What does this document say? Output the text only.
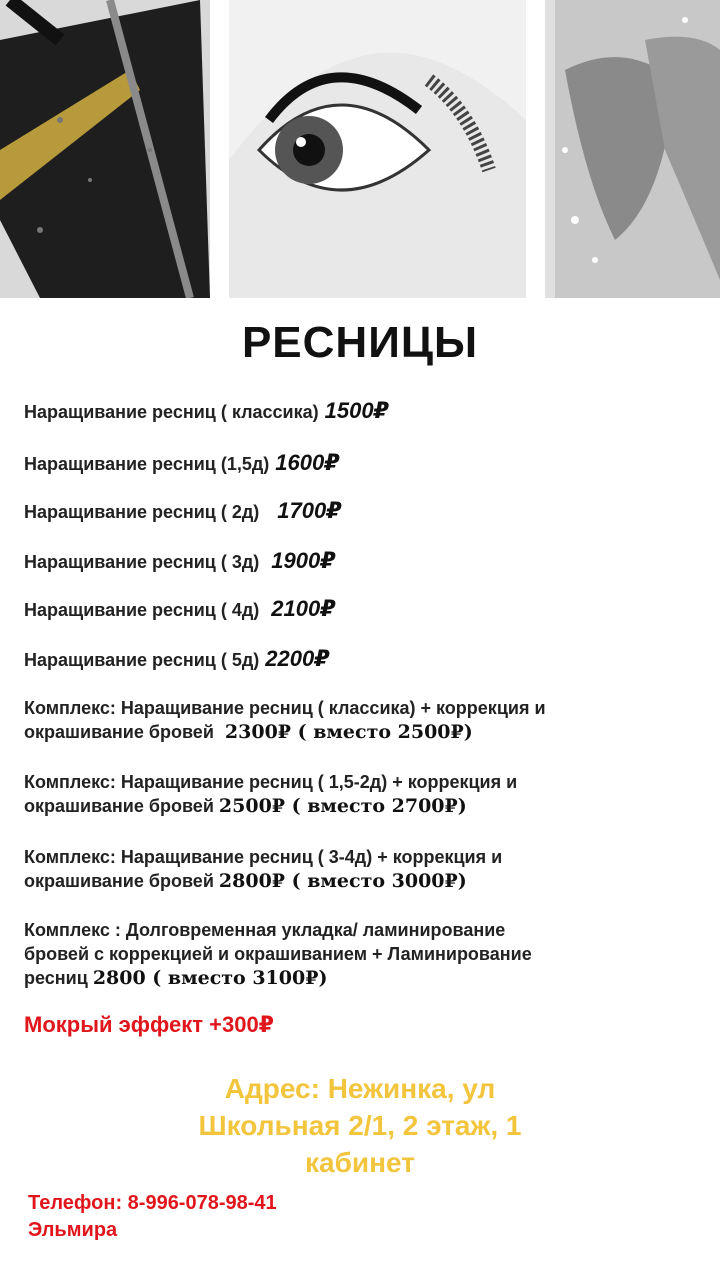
РЕСНИЦЫ
Наращивание ресниц ( классика) 1500₽
Наращивание ресниц (1,5д) 1600₽
Наращивание ресниц ( 2д) 1700₽
Наращивание ресниц ( 3д) 1900₽
Наращивание ресниц ( 4д) 2100₽
Наращивание ресниц ( 5д) 2200₽
Комплекс: Наращивание ресниц ( классика) + коррекция и
окрашивание бровей 2300₽ ( вместо 2500₽)
Комплекс: Наращивание ресниц ( 1,5-2д) + коррекция и
окрашивание бровей 2500₽ ( вместо 2700₽)
Комплекс: Наращивание ресниц ( 3-4д) + коррекция и
окрашивание бровей 2800₽ ( вместо 3000₽)
Комплекс : Долговременная укладка/ ламинирование
бровей с коррекцией и окрашиванием + Ламинирование
ресниц 2800 ( вместо 3100₽)
Мокрый эффект +300₽
Адрес: Нежинка, ул
Школьная 2/1, 2 этаж, 1
кабинет
Телефон: 8-996-078-98-41
Эльмира
